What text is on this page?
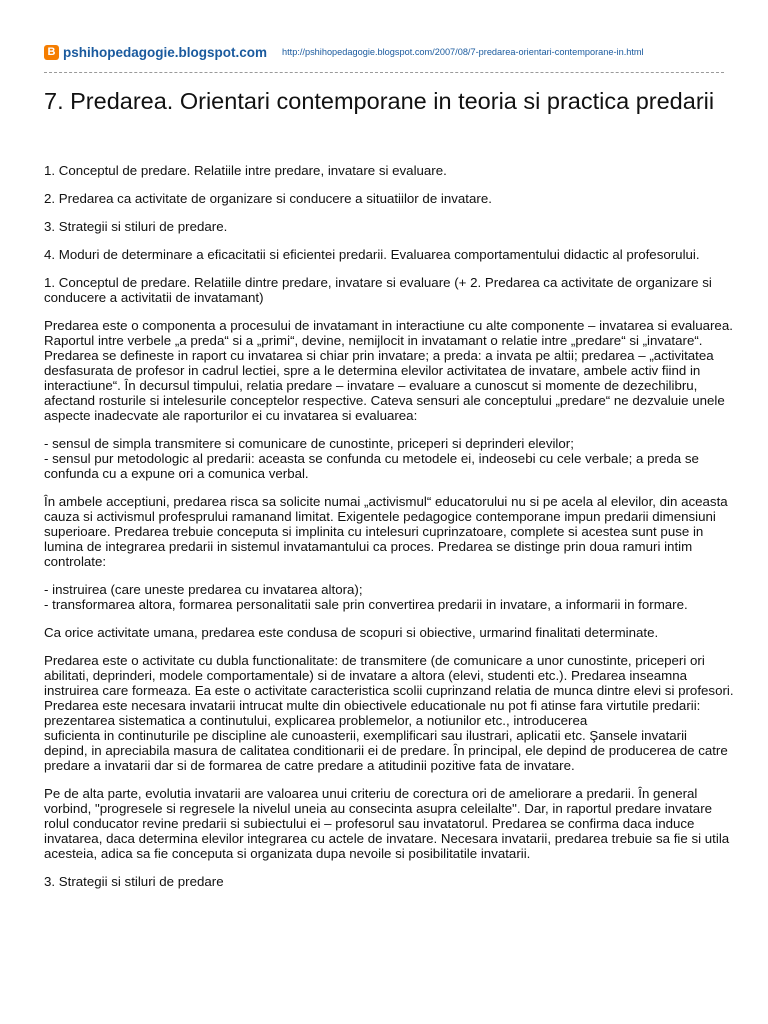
B pshihopedagogie.blogspot.com http://pshihopedagogie.blogspot.com/2007/08/7-predarea-orientari-contemporane-in.html
7. Predarea. Orientari contemporane in teoria si practica predarii

1. Conceptul de predare. Relatiile intre predare, invatare si evaluare.

2. Predarea ca activitate de organizare si conducere a situatiilor de invatare.

3. Strategii si stiluri de predare.

4. Moduri de determinare a eficacitatii si eficientei predarii. Evaluarea comportamentului didactic al profesorului.

1. Conceptul de predare. Relatiile dintre predare, invatare si evaluare (+ 2. Predarea ca activitate de organizare si conducere a activitatii de invatamant)

Predarea este o componenta a procesului de invatamant in interactiune cu alte componente – invatarea si evaluarea. Raportul intre verbele „a preda“ si a „primi“, devine, nemijlocit in invatamant o relatie intre „predare“ si „invatare“. Predarea se defineste in raport cu invatarea si chiar prin invatare; a preda: a invata pe altii; predarea – „activitatea desfasurata de profesor in cadrul lectiei, spre a le determina elevilor activitatea de invatare, ambele activ fiind in interactiune“. În decursul timpului, relatia predare – invatare – evaluare a cunoscut si momente de dezechilibru, afectand rosturile si intelesurile conceptelor respective. Cateva sensuri ale conceptului „predare“ ne dezvaluie unele aspecte inadecvate ale raporturilor ei cu invatarea si evaluarea:

- sensul de simpla transmitere si comunicare de cunostinte, priceperi si deprinderi elevilor;
- sensul pur metodologic al predarii: aceasta se confunda cu metodele ei, indeosebi cu cele verbale; a preda se confunda cu a expune ori a comunica verbal.

În ambele acceptiuni, predarea risca sa solicite numai „activismul“ educatorului nu si pe acela al elevilor, din aceasta cauza si activismul profesprului ramanand limitat. Exigentele pedagogice contemporane impun predarii dimensiuni superioare. Predarea trebuie conceputa si implinita cu intelesuri cuprinzatoare, complete si acestea sunt puse in lumina de integrarea predarii in sistemul invatamantului ca proces. Predarea se distinge prin doua ramuri intim controlate:

- instruirea (care uneste predarea cu invatarea altora);
- transformarea altora, formarea personalitatii sale prin convertirea predarii in invatare, a informarii in formare.

Ca orice activitate umana, predarea este condusa de scopuri si obiective, urmarind finalitati determinate.

Predarea este o activitate cu dubla functionalitate: de transmitere (de comunicare a unor cunostinte, priceperi ori abilitati, deprinderi, modele comportamentale) si de invatare a altora (elevi, studenti etc.). Predarea inseamna instruirea care formeaza. Ea este o activitate caracteristica scolii cuprinzand relatia de munca dintre elevi si profesori. Predarea este necesara invatarii intrucat multe din obiectivele educationale nu pot fi atinse fara virtutile predarii: prezentarea sistematica a continutului, explicarea problemelor, a notiunilor etc., introducerea
suficienta in continuturile pe discipline ale cunoasterii, exemplificari sau ilustrari, aplicatii etc. Şansele invatarii depind, in apreciabila masura de calitatea conditionarii ei de predare. În principal, ele depind de producerea de catre predare a invatarii dar si de formarea de catre predare a atitudinii pozitive fata de invatare.

Pe de alta parte, evolutia invatarii are valoarea unui criteriu de corectura ori de ameliorare a predarii. În general vorbind, "progresele si regresele la nivelul uneia au consecinta asupra celeilalte". Dar, in raportul predare invatare rolul conducator revine predarii si subiectului ei – profesorul sau invatatorul. Predarea se confirma daca induce invatarea, daca determina elevilor integrarea cu actele de invatare. Necesara invatarii, predarea trebuie sa fie si utila acesteia, adica sa fie conceputa si organizata dupa nevoile si posibilitatile invatarii.

3. Strategii si stiluri de predare
